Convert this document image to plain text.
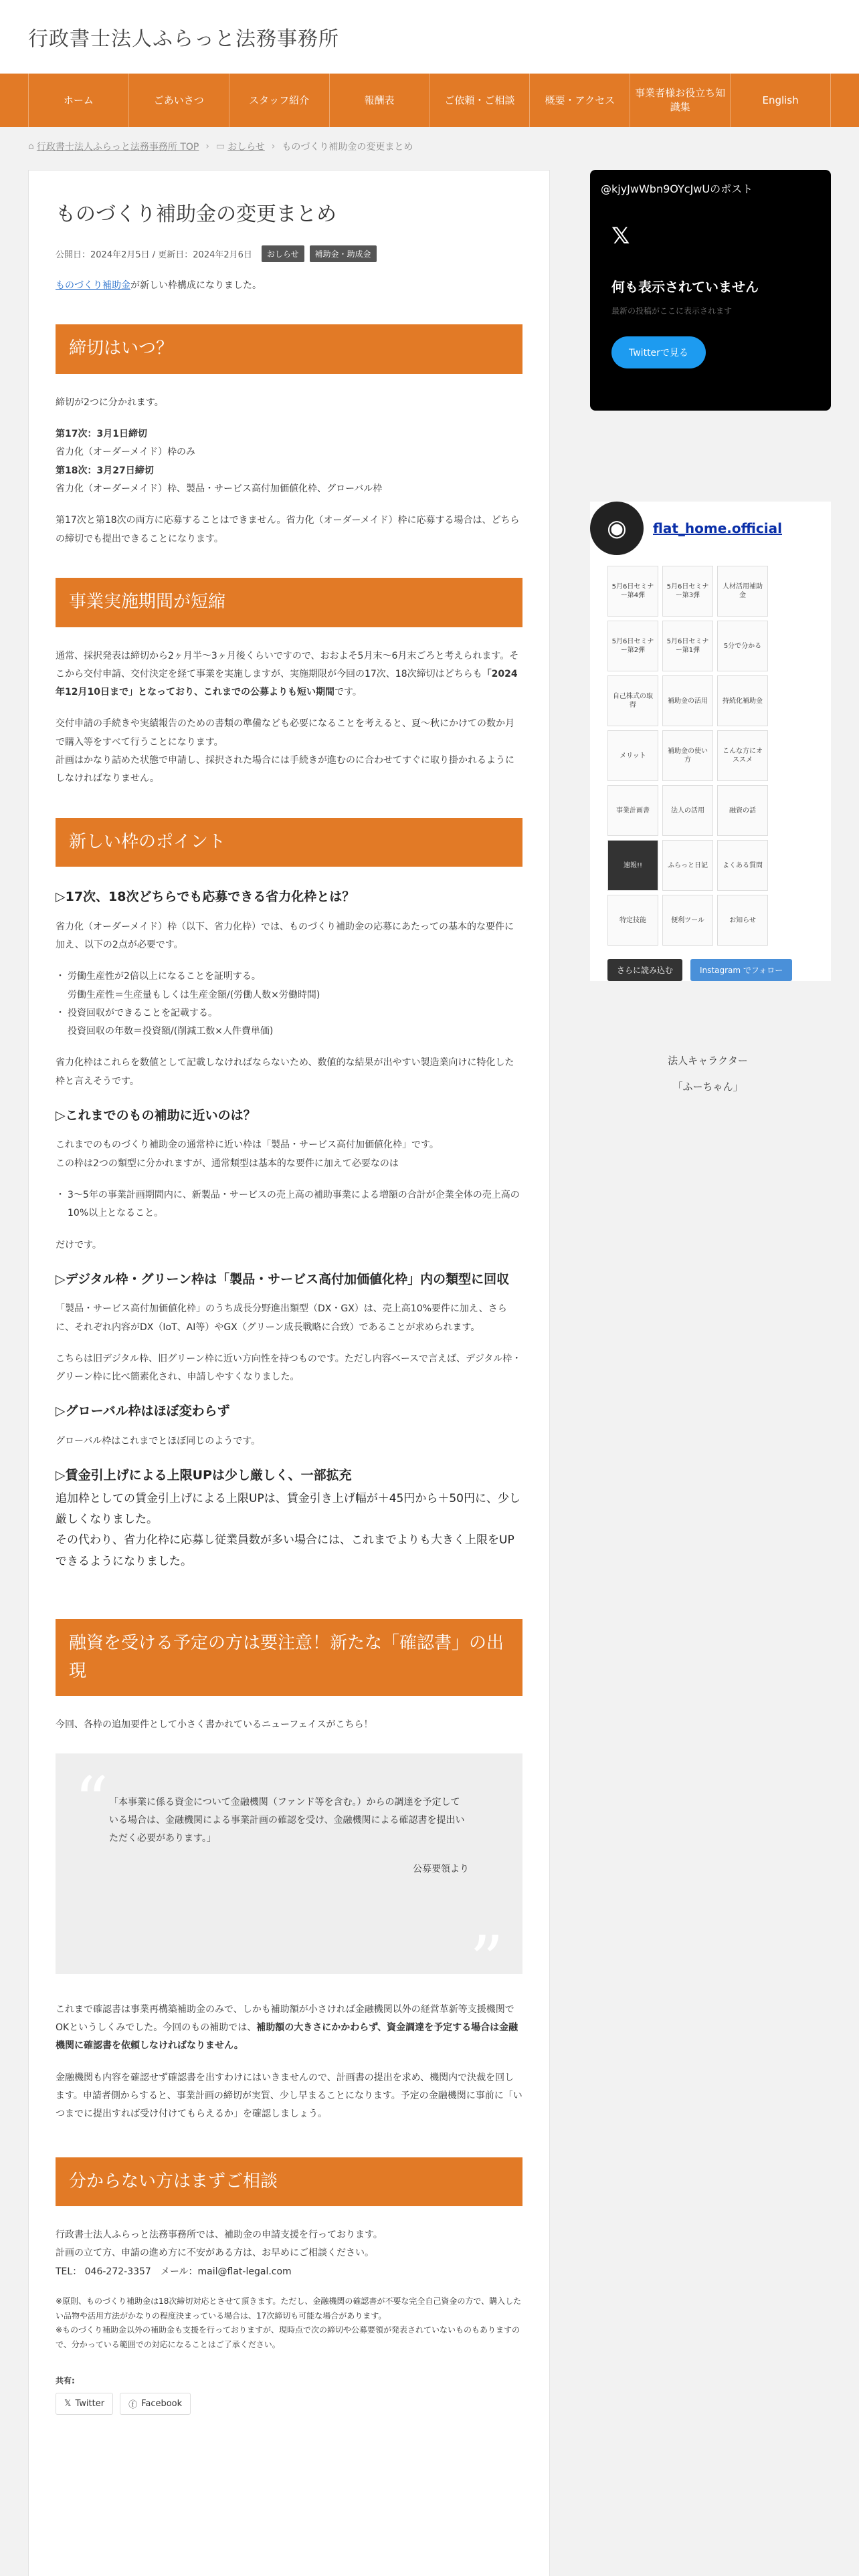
行政書士法人ふらっと法務事務所
ホーム	ごあいさつ	スタッフ紹介	報酬表	ご依頼・ご相談	概要・アクセス
事業者様お役立ち知識集
English
⌂ 行政書士法人ふらっと法務事務所 TOP › ▭ おしらせ › ものづくり補助金の変更まとめ
ものづくり補助金の変更まとめ
公開日：2024年2月5日 / 更新日：2024年2月6日	おしらせ	補助金・助成金

ものづくり補助金が新しい枠構成になりました。

締切はいつ？

締切が2つに分かれます。

第17次：3月1日締切

省力化（オーダーメイド）枠のみ

第18次：3月27日締切

省力化（オーダーメイド）枠、製品・サービス高付加価値化枠、グローバル枠

第17次と第18次の両方に応募することはできません。省力化（オーダーメイド）枠に応募する場合は、どちらの締切でも提出できることになります。

事業実施期間が短縮

通常、採択発表は締切から2ヶ月半〜3ヶ月後くらいですので、おおよそ5月末〜6月末ごろと考えられます。そこから交付申請、交付決定を経て事業を実施しますが、実施期限が今回の17次、18次締切はどちらも「2024年12月10日まで」となっており、これまでの公募よりも短い期間です。

交付申請の手続きや実績報告のための書類の準備なども必要になることを考えると、夏〜秋にかけての数か月で購入等をすべて行うことになります。

計画はかなり詰めた状態で申請し、採択された場合には手続きが進むのに合わせてすぐに取り掛かれるようにしなければなりません。

新しい枠のポイント
▷17次、18次どちらでも応募できる省力化枠とは？

省力化（オーダーメイド）枠（以下、省力化枠）では、ものづくり補助金の応募にあたっての基本的な要件に加え、以下の2点が必要です。

・ 労働生産性が2倍以上になることを証明する。

労働生産性＝生産量もしくは生産金額/(労働人数×労働時間)

・ 投資回収ができることを記載する。

投資回収の年数＝投資額/(削減工数×人件費単価)

省力化枠はこれらを数値として記載しなければならないため、数値的な結果が出やすい製造業向けに特化した枠と言えそうです。

▷これまでのもの補助に近いのは？

これまでのものづくり補助金の通常枠に近い枠は「製品・サービス高付加価値化枠」です。

この枠は2つの類型に分かれますが、通常類型は基本的な要件に加えて必要なのは

・ 3〜5年の事業計画期間内に、新製品・サービスの売上高の補助事業による増額の合計が企業全体の売上高の10%以上となること。

だけです。

▷デジタル枠・グリーン枠は「製品・サービス高付加価値化枠」内の類型に回収

「製品・サービス高付加価値化枠」のうち成長分野進出類型（DX・GX）は、売上高10%要件に加え、さらに、それぞれ内容がDX（IoT、AI等）やGX（グリーン成長戦略に合致）であることが求められます。

こちらは旧デジタル枠、旧グリーン枠に近い方向性を持つものです。ただし内容ベースで言えば、デジタル枠・グリーン枠に比べ簡素化され、申請しやすくなりました。

▷グローバル枠はほぼ変わらず

グローバル枠はこれまでとほぼ同じのようです。

▷賃金引上げによる上限UPは少し厳しく、一部拡充

追加枠としての賃金引上げによる上限UPは、賃金引き上げ幅が＋45円から＋50円に、少し厳しくなりました。

その代わり、省力化枠に応募し従業員数が多い場合には、これまでよりも大きく上限をUPできるようになりました。

融資を受ける予定の方は要注意！新たな「確認書」の出現

今回、各枠の追加要件として小さく書かれているニューフェイスがこちら！

“ 「本事業に係る資金について金融機関（ファンド等を含む。）からの調達を予定している場合は、金融機関による事業計画の確認を受け、金融機関による確認書を提出いただく必要があります。」

公募要領より

”

これまで確認書は事業再構築補助金のみで、しかも補助額が小さければ金融機関以外の経営革新等支援機関でOKというしくみでした。今回のもの補助では、補助額の大きさにかかわらず、資金調達を予定する場合は金融機関に確認書を依頼しなければなりません。

金融機関も内容を確認せず確認書を出すわけにはいきませんので、計画書の提出を求め、機関内で決裁を回します。申請者側からすると、事業計画の締切が実質、少し早まることになります。予定の金融機関に事前に「いつまでに提出すれば受け付けてもらえるか」を確認しましょう。

分からない方はまずご相談

行政書士法人ふらっと法務事務所では、補助金の申請支援を行っております。

計画の立て方、申請の進め方に不安がある方は、お早めにご相談ください。

TEL： 046-272-3357　メール：mail@flat-legal.com

※原則、ものづくり補助金は18次締切対応とさせて頂きます。ただし、金融機関の確認書が不要な完全自己資金の方で、購入したい品物や活用方法がかなりの程度決まっている場合は、17次締切も可能な場合があります。

※ものづくり補助金以外の補助金も支援を行っておりますが、現時点で次の締切や公募要領が発表されていないものもありますので、分かっている範囲での対応になることはご了承ください。

共有:
𝕏 Twitter	ⓕ Facebook
@kjyJwWbn9OYcJwUのポスト
𝕏
何も表示されていません
最新の投稿がここに表示されます
Twitterで見る
◉	flat_home.official
5月6日セミナー第4弾
5月6日セミナー第3弾
人材活用補助金
5月6日セミナー第2弾
5月6日セミナー第1弾
5分で分かる
自己株式の取得
補助金の活用	持続化補助金
メリット
補助金の使い方
こんな方にオススメ
事業計画書	法人の活用	融資の話
速報!!	ふらっと日記	よくある質問
特定技能	便利ツール	お知らせ
さらに読み込む	Instagram でフォロー
法人キャラクター
「ふーちゃん」
